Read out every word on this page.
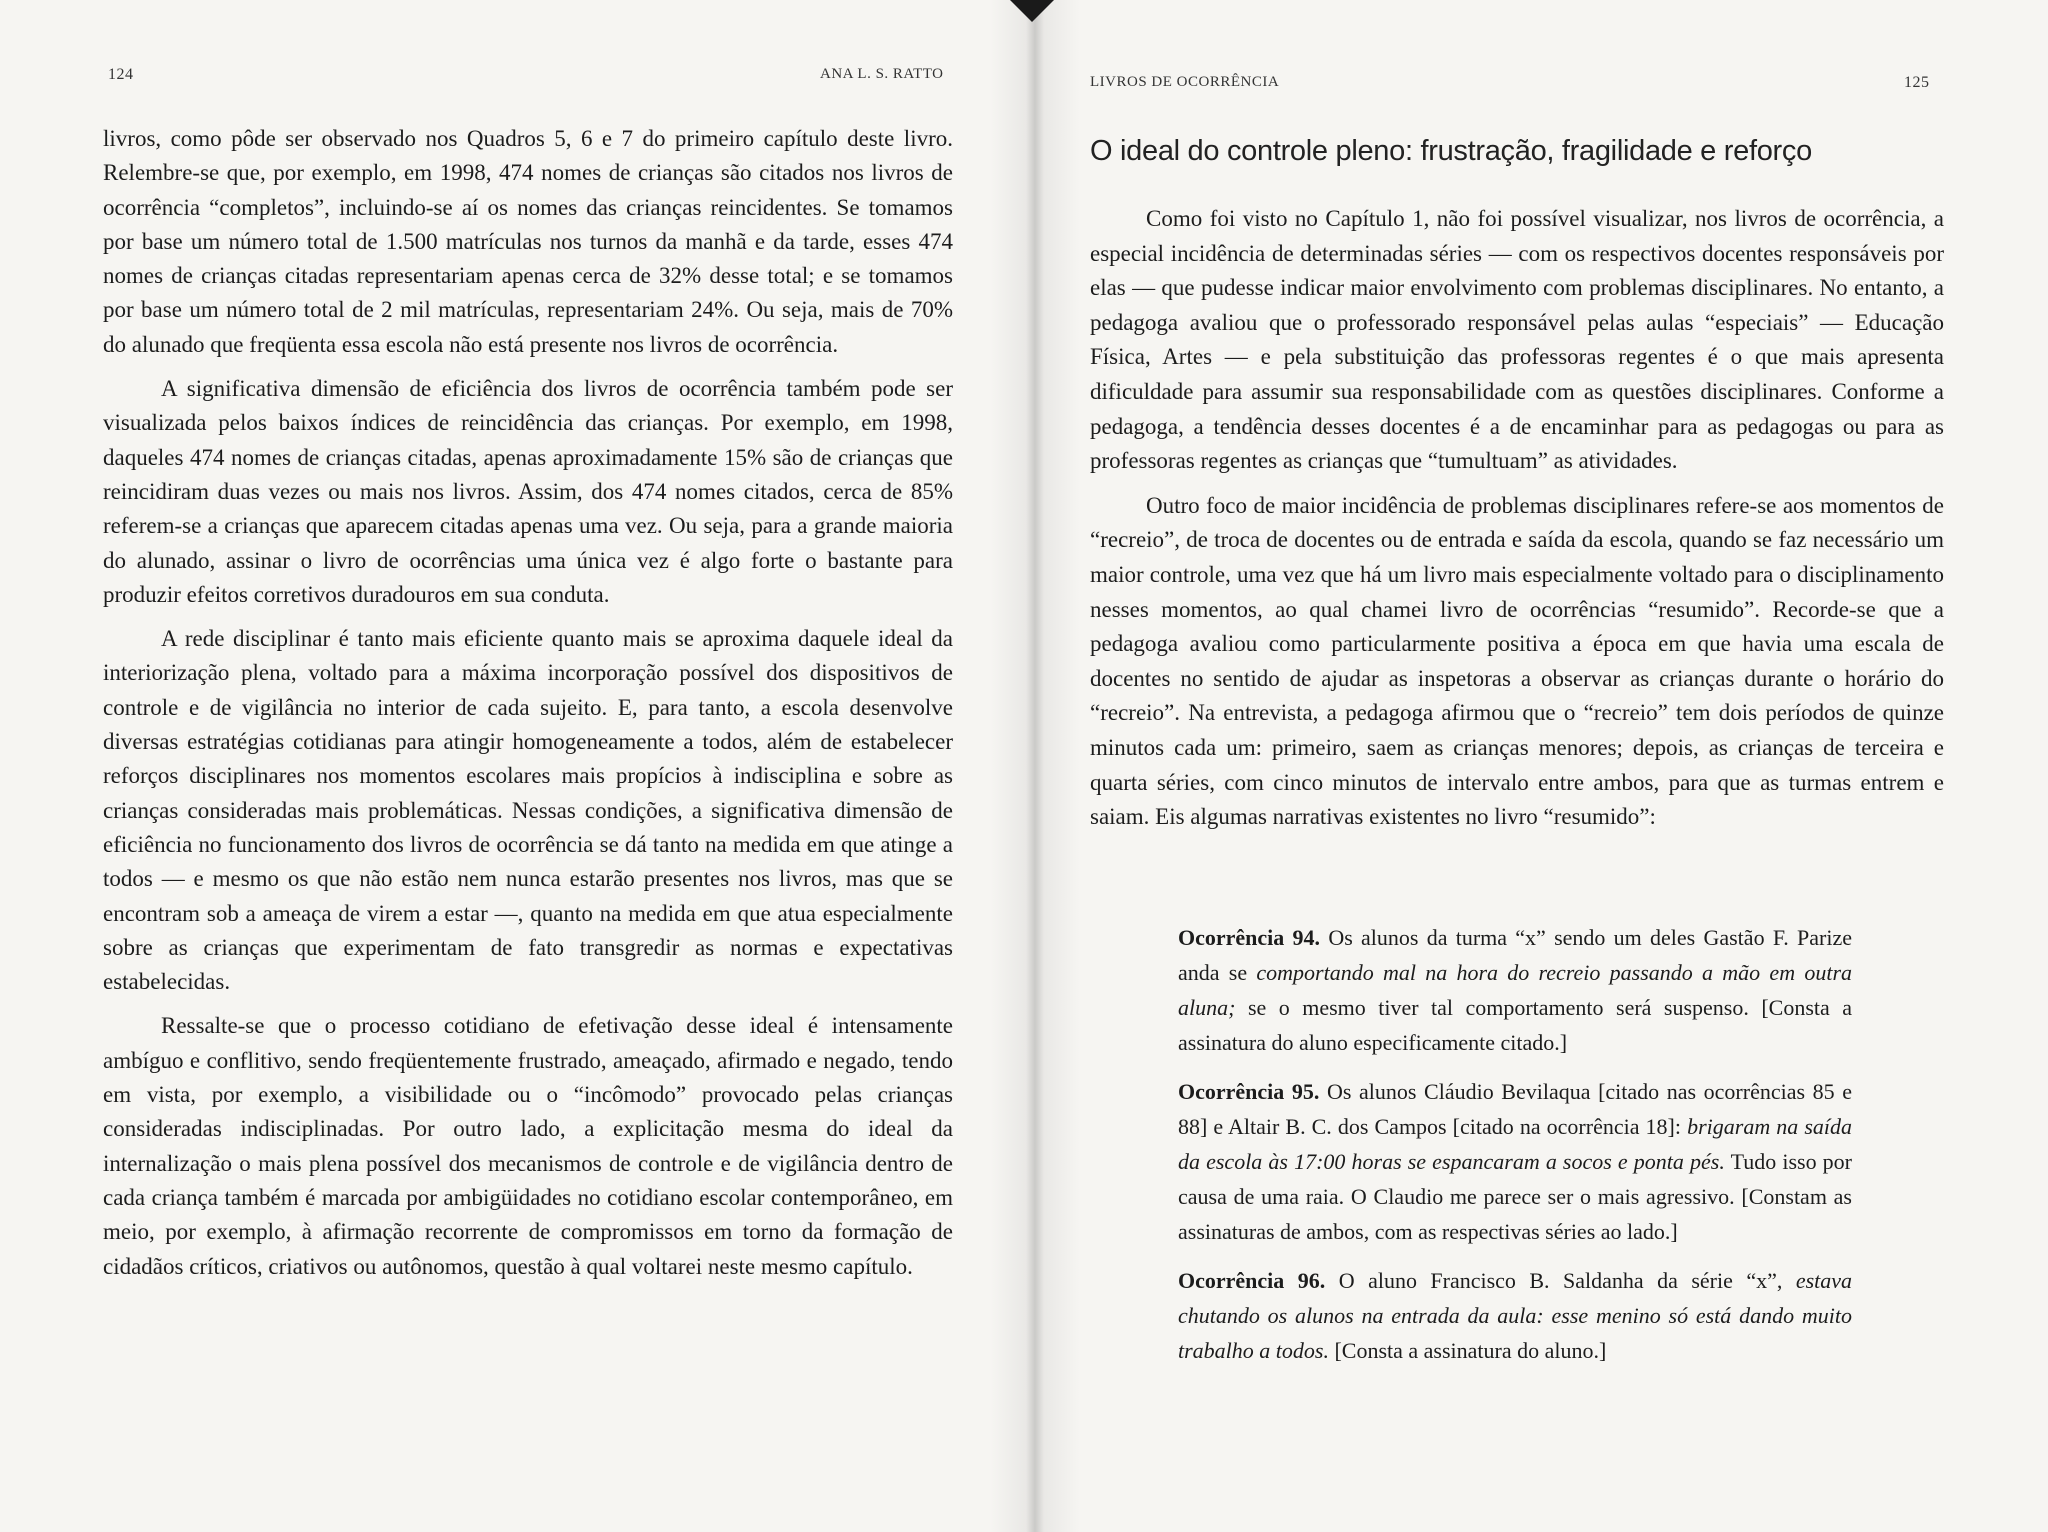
124	ANA L. S. RATTO

livros, como pôde ser observado nos Quadros 5, 6 e 7 do primeiro capítulo deste livro. Relembre-se que, por exemplo, em 1998, 474 nomes de crianças são citados nos livros de ocorrência “completos”, incluindo-se aí os nomes das crianças reincidentes. Se tomamos por base um número total de 1.500 matrículas nos turnos da manhã e da tarde, esses 474 nomes de crianças citadas representariam apenas cerca de 32% desse total; e se tomamos por base um número total de 2 mil matrículas, representariam 24%. Ou seja, mais de 70% do alunado que freqüenta essa escola não está presente nos livros de ocorrência.

A significativa dimensão de eficiência dos livros de ocorrência também pode ser visualizada pelos baixos índices de reincidência das crianças. Por exemplo, em 1998, daqueles 474 nomes de crianças citadas, apenas aproximadamente 15% são de crianças que reincidiram duas vezes ou mais nos livros. Assim, dos 474 nomes citados, cerca de 85% referem-se a crianças que aparecem citadas apenas uma vez. Ou seja, para a grande maioria do alunado, assinar o livro de ocorrências uma única vez é algo forte o bastante para produzir efeitos corretivos duradouros em sua conduta.

A rede disciplinar é tanto mais eficiente quanto mais se aproxima daquele ideal da interiorização plena, voltado para a máxima incorporação possível dos dispositivos de controle e de vigilância no interior de cada sujeito. E, para tanto, a escola desenvolve diversas estratégias cotidianas para atingir homogeneamente a todos, além de estabelecer reforços disciplinares nos momentos escolares mais propícios à indisciplina e sobre as crianças consideradas mais problemáticas. Nessas condições, a significativa dimensão de eficiência no funcionamento dos livros de ocorrência se dá tanto na medida em que atinge a todos — e mesmo os que não estão nem nunca estarão presentes nos livros, mas que se encontram sob a ameaça de virem a estar —, quanto na medida em que atua especialmente sobre as crianças que experimentam de fato transgredir as normas e expectativas estabelecidas.

Ressalte-se que o processo cotidiano de efetivação desse ideal é intensamente ambíguo e conflitivo, sendo freqüentemente frustrado, ameaçado, afirmado e negado, tendo em vista, por exemplo, a visibilidade ou o “incômodo” provocado pelas crianças consideradas indisciplinadas. Por outro lado, a explicitação mesma do ideal da internalização o mais plena possível dos mecanismos de controle e de vigilância dentro de cada criança também é marcada por ambigüidades no cotidiano escolar contemporâneo, em meio, por exemplo, à afirmação recorrente de compromissos em torno da formação de cidadãos críticos, criativos ou autônomos, questão à qual voltarei neste mesmo capítulo.

LIVROS DE OCORRÊNCIA	125
O ideal do controle pleno: frustração, fragilidade e reforço

Como foi visto no Capítulo 1, não foi possível visualizar, nos livros de ocorrência, a especial incidência de determinadas séries — com os respectivos docentes responsáveis por elas — que pudesse indicar maior envolvimento com problemas disciplinares. No entanto, a pedagoga avaliou que o professorado responsável pelas aulas “especiais” — Educação Física, Artes — e pela substituição das professoras regentes é o que mais apresenta dificuldade para assumir sua responsabilidade com as questões disciplinares. Conforme a pedagoga, a tendência desses docentes é a de encaminhar para as pedagogas ou para as professoras regentes as crianças que “tumultuam” as atividades.

Outro foco de maior incidência de problemas disciplinares refere-se aos momentos de “recreio”, de troca de docentes ou de entrada e saída da escola, quando se faz necessário um maior controle, uma vez que há um livro mais especialmente voltado para o disciplinamento nesses momentos, ao qual chamei livro de ocorrências “resumido”. Recorde-se que a pedagoga avaliou como particularmente positiva a época em que havia uma escala de docentes no sentido de ajudar as inspetoras a observar as crianças durante o horário do “recreio”. Na entrevista, a pedagoga afirmou que o “recreio” tem dois períodos de quinze minutos cada um: primeiro, saem as crianças menores; depois, as crianças de terceira e quarta séries, com cinco minutos de intervalo entre ambos, para que as turmas entrem e saiam. Eis algumas narrativas existentes no livro “resumido”:

Ocorrência 94. Os alunos da turma “x” sendo um deles Gastão F. Parize anda se comportando mal na hora do recreio passando a mão em outra aluna; se o mesmo tiver tal comportamento será suspenso. [Consta a assinatura do aluno especificamente citado.]

Ocorrência 95. Os alunos Cláudio Bevilaqua [citado nas ocorrências 85 e 88] e Altair B. C. dos Campos [citado na ocorrência 18]: brigaram na saída da escola às 17:00 horas se espancaram a socos e ponta pés. Tudo isso por causa de uma raia. O Claudio me parece ser o mais agressivo. [Constam as assinaturas de ambos, com as respectivas séries ao lado.]

Ocorrência 96. O aluno Francisco B. Saldanha da série “x”, estava chutando os alunos na entrada da aula: esse menino só está dando muito trabalho a todos. [Consta a assinatura do aluno.]
